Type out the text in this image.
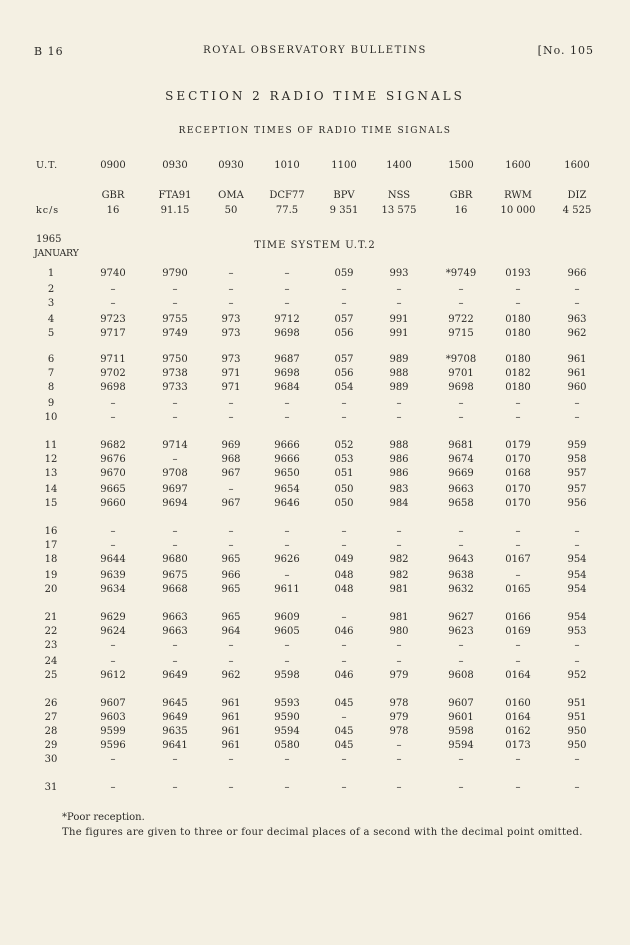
B 16	ROYAL OBSERVATORY BULLETINS	[No. 105
SECTION 2 RADIO TIME SIGNALS
RECEPTION TIMES OF RADIO TIME SIGNALS
U.T.	0900	0930	0930	1010	1100	1400	1500	1600	1600
GBR	FTA91	OMA	DCF77	BPV	NSS	GBR	RWM	DIZ
kc/s	16	91.15	50	77.5	9 351	13 575	16	10 000	4 525
1	9740	9790	–	–	059	993	*9749	0193	966
2	–	–	–	–	–	–	–	–	–
3	–	–	–	–	–	–	–	–	–
4	9723	9755	973	9712	057	991	9722	0180	963
5	9717	9749	973	9698	056	991	9715	0180	962
6	9711	9750	973	9687	057	989	*9708	0180	961
7	9702	9738	971	9698	056	988	9701	0182	961
8	9698	9733	971	9684	054	989	9698	0180	960
9	–	–	–	–	–	–	–	–	–
10	–	–	–	–	–	–	–	–	–
11	9682	9714	969	9666	052	988	9681	0179	959
12	9676	–	968	9666	053	986	9674	0170	958
13	9670	9708	967	9650	051	986	9669	0168	957
14	9665	9697	–	9654	050	983	9663	0170	957
15	9660	9694	967	9646	050	984	9658	0170	956
16	–	–	–	–	–	–	–	–	–
17	–	–	–	–	–	–	–	–	–
18	9644	9680	965	9626	049	982	9643	0167	954
19	9639	9675	966	–	048	982	9638	–	954
20	9634	9668	965	9611	048	981	9632	0165	954
21	9629	9663	965	9609	–	981	9627	0166	954
22	9624	9663	964	9605	046	980	9623	0169	953
23	–	–	–	–	–	–	–	–	–
24	–	–	–	–	–	–	–	–	–
25	9612	9649	962	9598	046	979	9608	0164	952
26	9607	9645	961	9593	045	978	9607	0160	951
27	9603	9649	961	9590	–	979	9601	0164	951
28	9599	9635	961	9594	045	978	9598	0162	950
29	9596	9641	961	0580	045	–	9594	0173	950
30	–	–	–	–	–	–	–	–	–
31	–	–	–	–	–	–	–	–	–
1965
JANUARY
TIME SYSTEM U.T.2
*Poor reception.
The figures are given to three or four decimal places of a second with the decimal point omitted.
